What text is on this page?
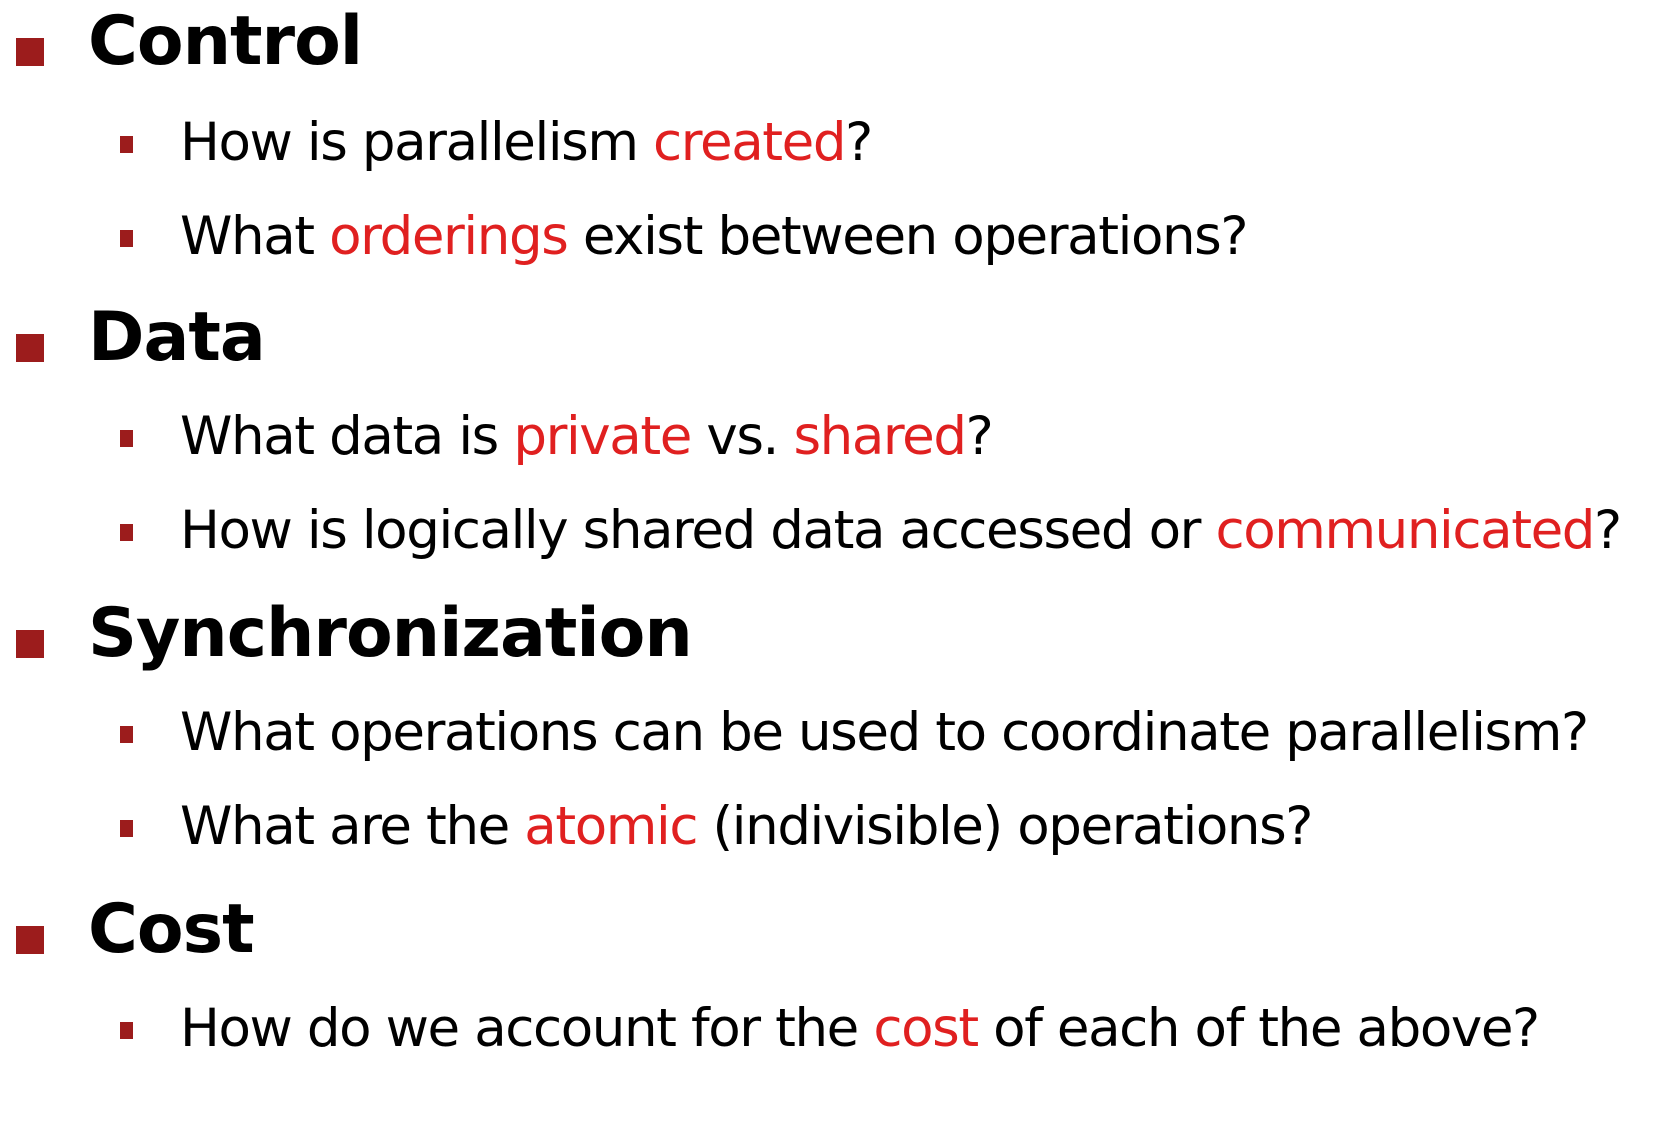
Control
How is parallelism created?
What orderings exist between operations?
Data
What data is private vs. shared?
How is logically shared data accessed or communicated?
Synchronization
What operations can be used to coordinate parallelism?
What are the atomic (indivisible) operations?
Cost
How do we account for the cost of each of the above?
